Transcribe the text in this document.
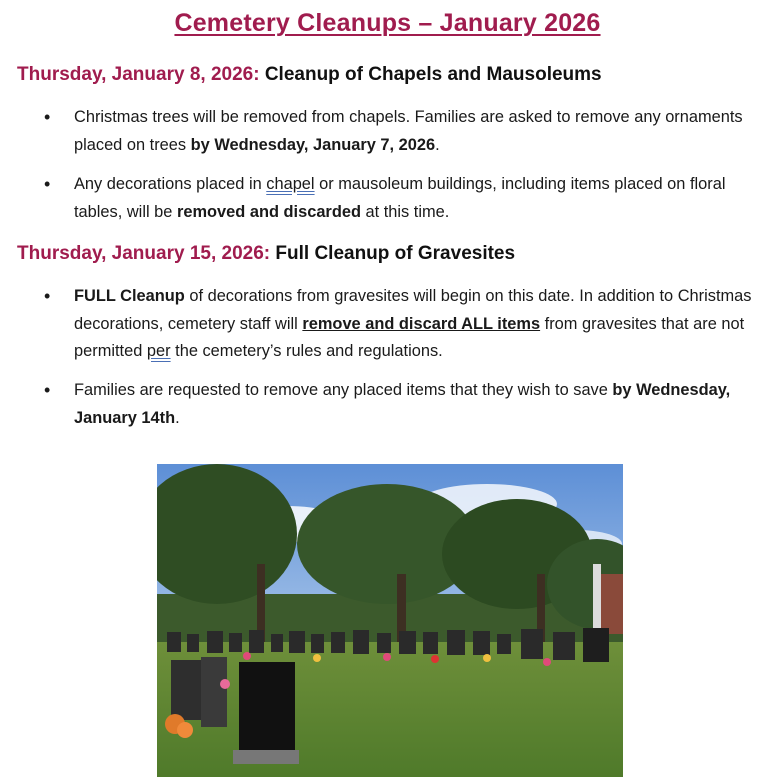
Cemetery Cleanups – January 2026
Thursday, January 8, 2026: Cleanup of Chapels and Mausoleums
• Christmas trees will be removed from chapels. Families are asked to remove any ornaments placed on trees by Wednesday, January 7, 2026.
• Any decorations placed in chapel or mausoleum buildings, including items placed on floral tables, will be removed and discarded at this time.
Thursday, January 15, 2026: Full Cleanup of Gravesites
• FULL Cleanup of decorations from gravesites will begin on this date. In addition to Christmas decorations, cemetery staff will remove and discard ALL items from gravesites that are not permitted per the cemetery’s rules and regulations.
• Families are requested to remove any placed items that they wish to save by Wednesday, January 14th.
